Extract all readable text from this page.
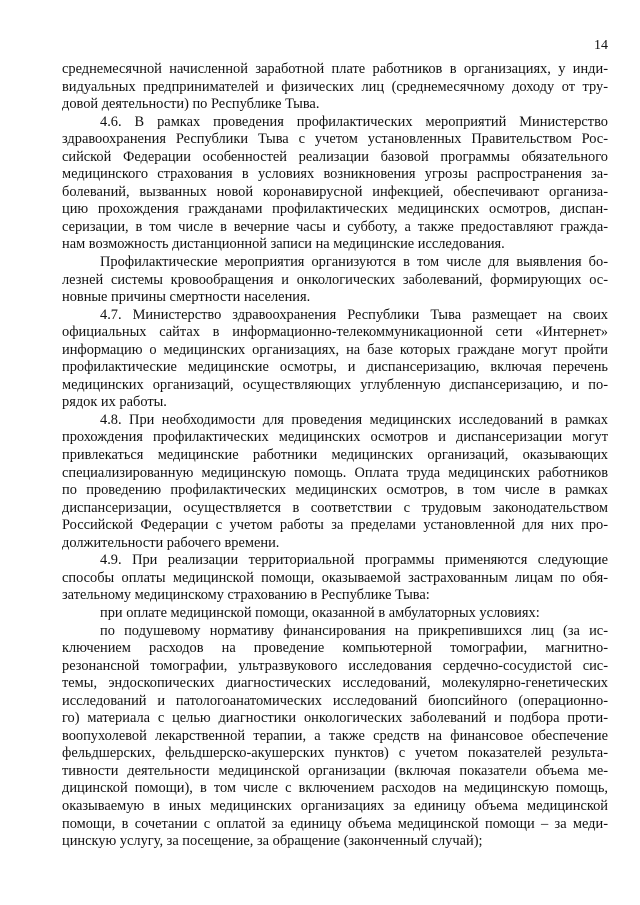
14
среднемесячной начисленной заработной плате работников в организациях, у инди-
видуальных предпринимателей и физических лиц (среднемесячному доходу от тру-
довой деятельности) по Республике Тыва.
4.6. В рамках проведения профилактических мероприятий Министерство
здравоохранения Республики Тыва с учетом установленных Правительством Рос-
сийской Федерации особенностей реализации базовой программы обязательного
медицинского страхования в условиях возникновения угрозы распространения за-
болеваний, вызванных новой коронавирусной инфекцией, обеспечивают организа-
цию прохождения гражданами профилактических медицинских осмотров, диспан-
серизации, в том числе в вечерние часы и субботу, а также предоставляют гражда-
нам возможность дистанционной записи на медицинские исследования.
Профилактические мероприятия организуются в том числе для выявления бо-
лезней системы кровообращения и онкологических заболеваний, формирующих ос-
новные причины смертности населения.
4.7. Министерство здравоохранения Республики Тыва размещает на своих
официальных сайтах в информационно-телекоммуникационной сети «Интернет»
информацию о медицинских организациях, на базе которых граждане могут пройти
профилактические медицинские осмотры, и диспансеризацию, включая перечень
медицинских организаций, осуществляющих углубленную диспансеризацию, и по-
рядок их работы.
4.8. При необходимости для проведения медицинских исследований в рамках
прохождения профилактических медицинских осмотров и диспансеризации могут
привлекаться медицинские работники медицинских организаций, оказывающих
специализированную медицинскую помощь. Оплата труда медицинских работников
по проведению профилактических медицинских осмотров, в том числе в рамках
диспансеризации, осуществляется в соответствии с трудовым законодательством
Российской Федерации с учетом работы за пределами установленной для них про-
должительности рабочего времени.
4.9. При реализации территориальной программы применяются следующие
способы оплаты медицинской помощи, оказываемой застрахованным лицам по обя-
зательному медицинскому страхованию в Республике Тыва:
при оплате медицинской помощи, оказанной в амбулаторных условиях:
по подушевому нормативу финансирования на прикрепившихся лиц (за ис-
ключением расходов на проведение компьютерной томографии, магнитно-
резонансной томографии, ультразвукового исследования сердечно-сосудистой сис-
темы, эндоскопических диагностических исследований, молекулярно-генетических
исследований и патологоанатомических исследований биопсийного (операционно-
го) материала с целью диагностики онкологических заболеваний и подбора проти-
воопухолевой лекарственной терапии, а также средств на финансовое обеспечение
фельдшерских, фельдшерско-акушерских пунктов) с учетом показателей результа-
тивности деятельности медицинской организации (включая показатели объема ме-
дицинской помощи), в том числе с включением расходов на медицинскую помощь,
оказываемую в иных медицинских организациях за единицу объема медицинской
помощи, в сочетании с оплатой за единицу объема медицинской помощи – за меди-
цинскую услугу, за посещение, за обращение (законченный случай);
